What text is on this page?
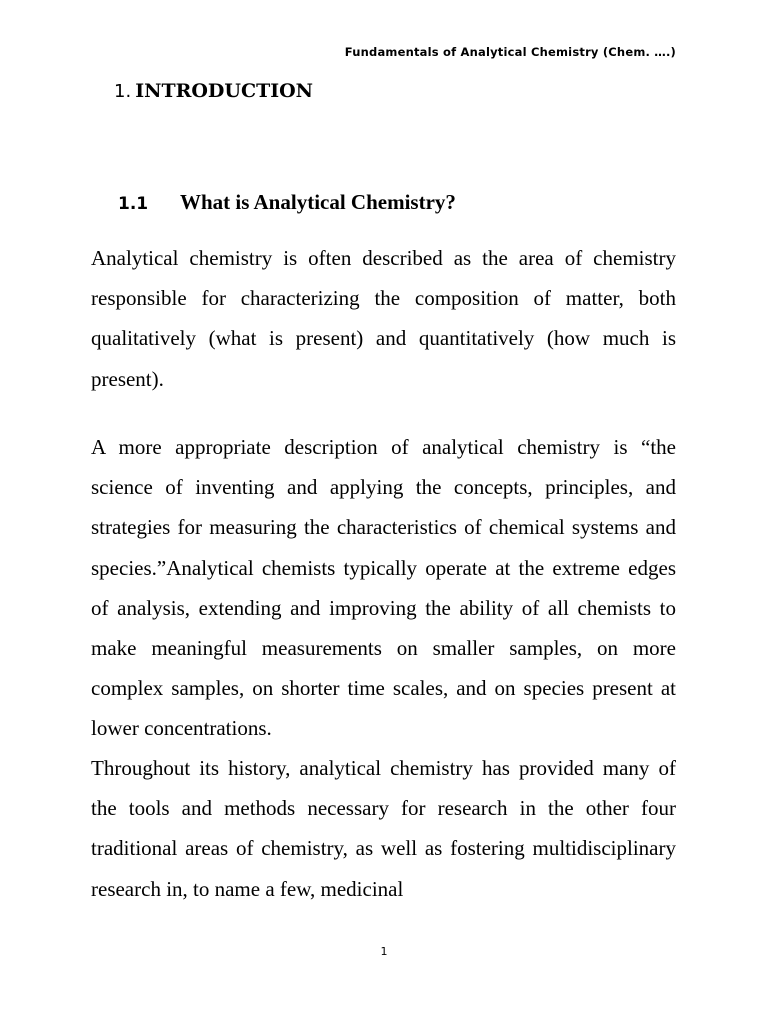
Fundamentals of Analytical Chemistry (Chem. ….)
1. INTRODUCTION
1.1 What is Analytical Chemistry?

Analytical chemistry is often described as the area of chemistry responsible for characterizing the composition of matter, both qualitatively (what is present) and quantitatively (how much is present).

A more appropriate description of analytical chemistry is “the science of inventing and applying the concepts, principles, and strategies for measuring the characteristics of chemical systems and species.”Analytical chemists typically operate at the extreme edges of analysis, extending and improving the ability of all chemists to make meaningful measurements on smaller samples, on more complex samples, on shorter time scales, and on species present at lower concentrations.

Throughout its history, analytical chemistry has provided many of the tools and methods necessary for research in the other four traditional areas of chemistry, as well as fostering multidisciplinary research in, to name a few, medicinal

1
